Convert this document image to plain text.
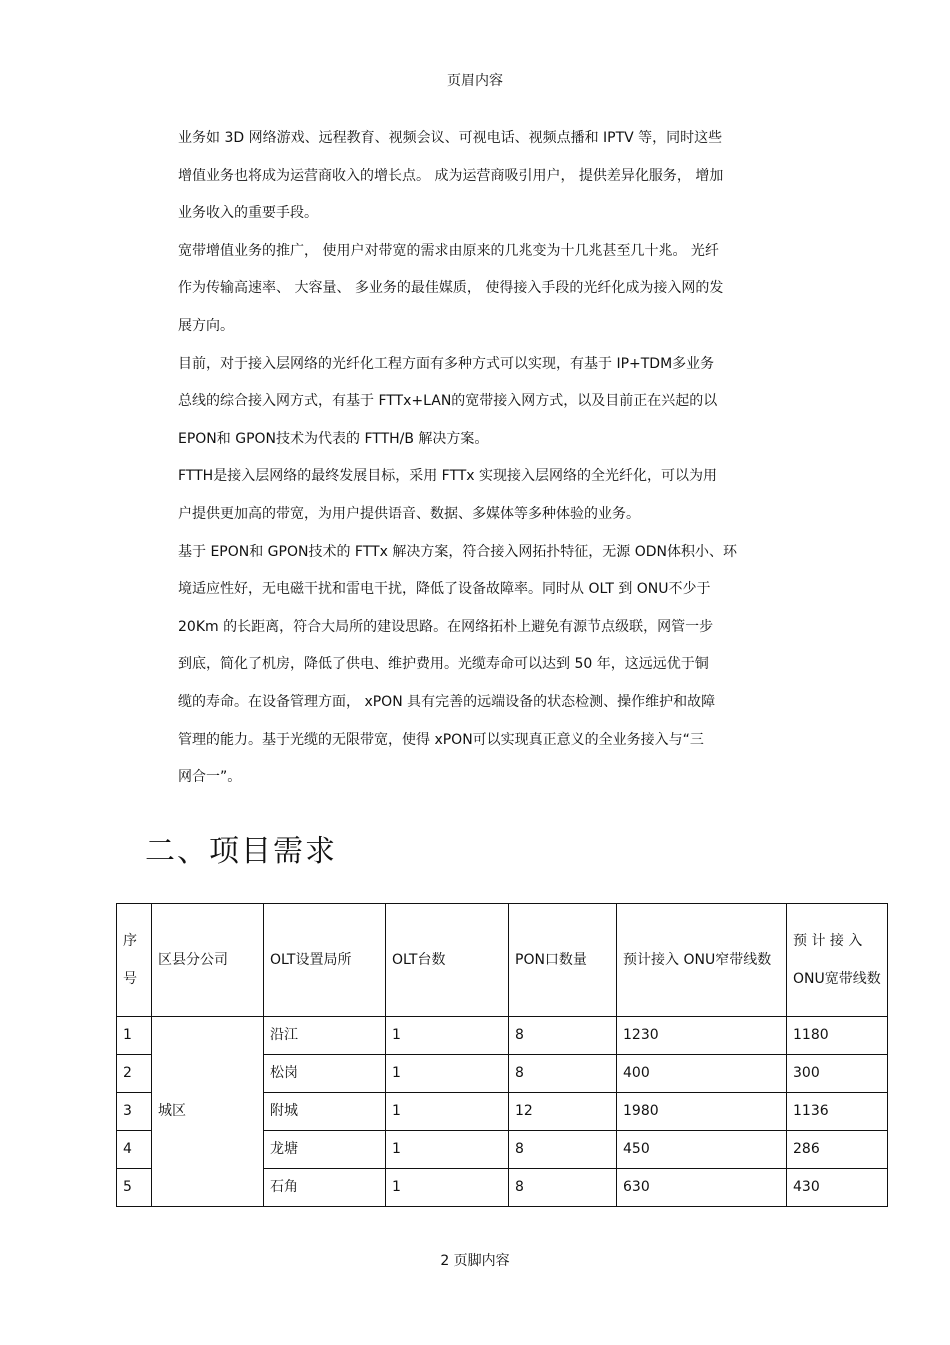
页眉内容
业务如 3D 网络游戏、远程教育、视频会议、可视电话、视频点播和 IPTV 等，同时这些
增值业务也将成为运营商收入的增长点。 成为运营商吸引用户， 提供差异化服务， 增加
业务收入的重要手段。
宽带增值业务的推广， 使用户对带宽的需求由原来的几兆变为十几兆甚至几十兆。 光纤
作为传输高速率、 大容量、 多业务的最佳媒质， 使得接入手段的光纤化成为接入网的发
展方向。
目前，对于接入层网络的光纤化工程方面有多种方式可以实现，有基于 IP+TDM多业务
总线的综合接入网方式，有基于 FTTx+LAN的宽带接入网方式，以及目前正在兴起的以
EPON和 GPON技术为代表的 FTTH/B 解决方案。
FTTH是接入层网络的最终发展目标，采用 FTTx 实现接入层网络的全光纤化，可以为用
户提供更加高的带宽，为用户提供语音、数据、多媒体等多种体验的业务。
基于 EPON和 GPON技术的 FTTx 解决方案，符合接入网拓扑特征，无源 ODN体积小、环
境适应性好，无电磁干扰和雷电干扰，降低了设备故障率。同时从 OLT 到 ONU不少于
20Km 的长距离，符合大局所的建设思路。在网络拓朴上避免有源节点级联，网管一步
到底，简化了机房，降低了供电、维护费用。光缆寿命可以达到 50 年，这远远优于铜
缆的寿命。在设备管理方面， xPON 具有完善的远端设备的状态检测、操作维护和故障
管理的能力。基于光缆的无限带宽，使得 xPON可以实现真正意义的全业务接入与“三
网合一”。
二、项目需求
序号	区县分公司	OLT设置局所	OLT台数	PON口数量	预计接入 ONU窄带线数	预 计 接 入 ONU宽带线数
1	城区	沿江	1	8	1230	1180
2		松岗	1	8	400	300
3		附城	1	12	1980	1136
4		龙塘	1	8	450	286
5		石角	1	8	630	430
2 页脚内容
